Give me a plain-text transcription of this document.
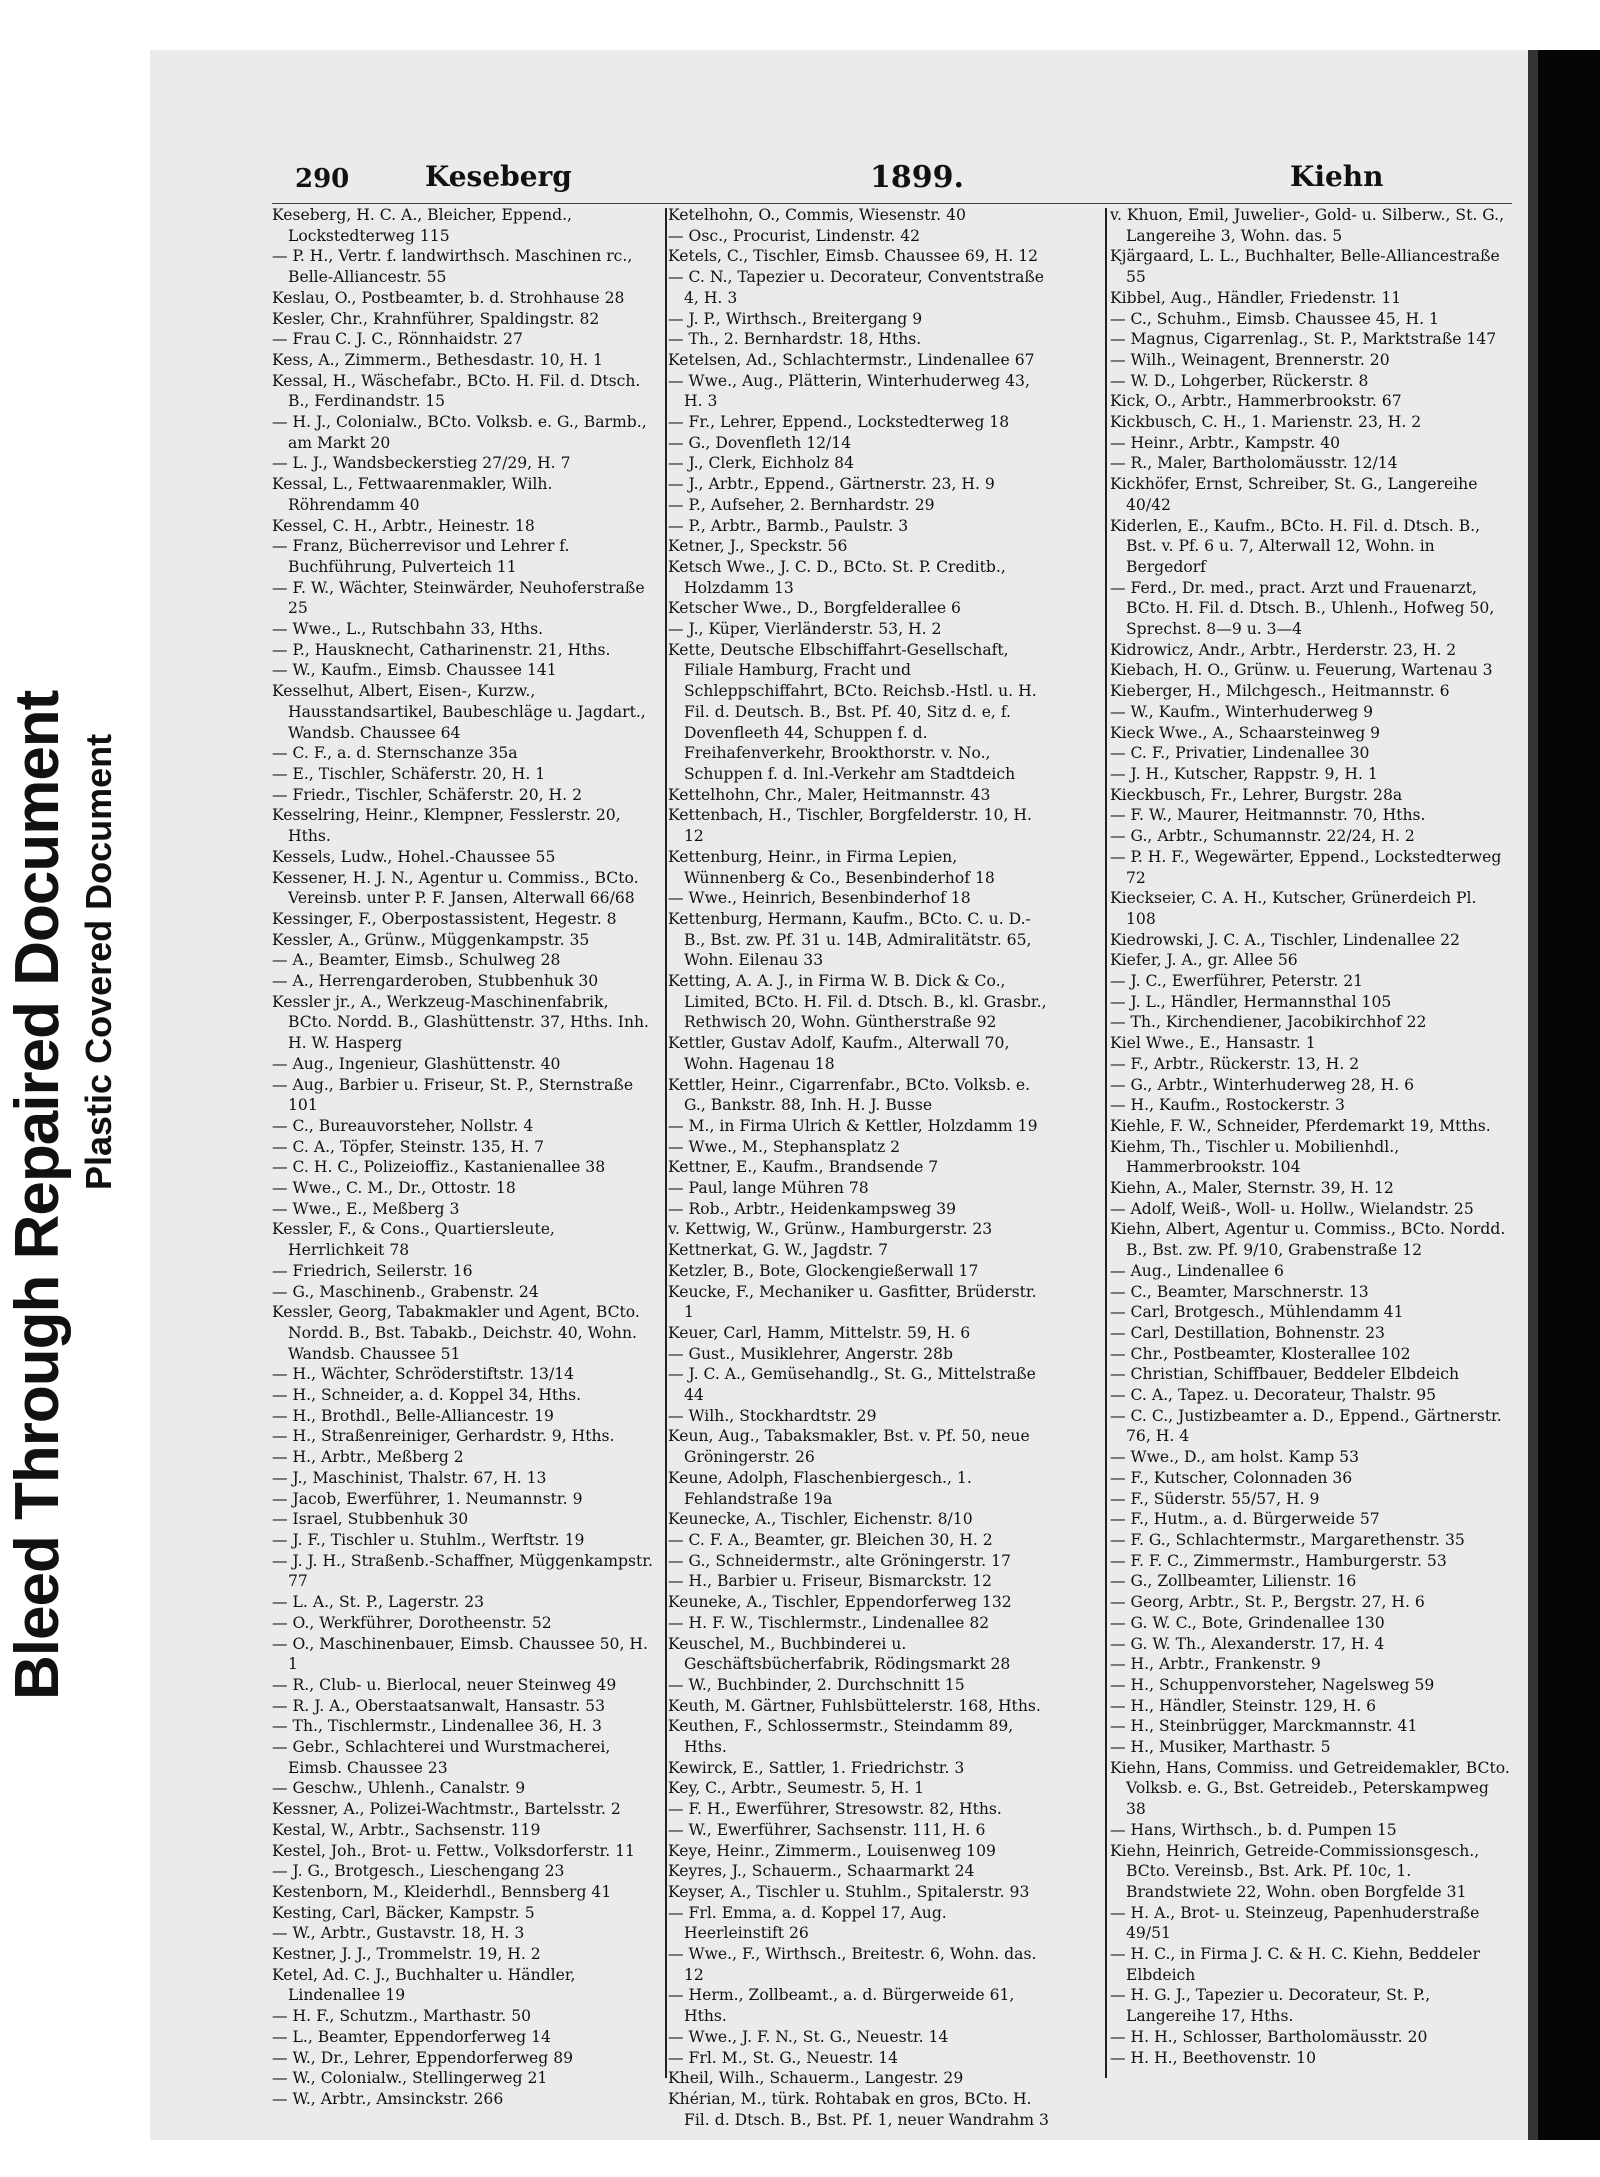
Bleed Through Repaired Document Plastic Covered Document
290	Keseberg	1899.	Kiehn

Keseberg, H. C. A., Bleicher, Eppend., Lockstedterweg 115

— P. H., Vertr. f. landwirthsch. Maschinen rc., Belle-Alliancestr. 55

Keslau, O., Postbeamter, b. d. Strohhause 28

Kesler, Chr., Krahnführer, Spaldingstr. 82

— Frau C. J. C., Rönnhaidstr. 27

Kess, A., Zimmerm., Bethesdastr. 10, H. 1

Kessal, H., Wäschefabr., BCto. H. Fil. d. Dtsch. B., Ferdinandstr. 15

— H. J., Colonialw., BCto. Volksb. e. G., Barmb., am Markt 20

— L. J., Wandsbeckerstieg 27/29, H. 7

Kessal, L., Fettwaarenmakler, Wilh. Röhrendamm 40

Kessel, C. H., Arbtr., Heinestr. 18

— Franz, Bücherrevisor und Lehrer f. Buchführung, Pulverteich 11

— F. W., Wächter, Steinwärder, Neuhoferstraße 25

— Wwe., L., Rutschbahn 33, Hths.

— P., Hausknecht, Catharinenstr. 21, Hths.

— W., Kaufm., Eimsb. Chaussee 141

Kesselhut, Albert, Eisen-, Kurzw., Hausstandsartikel, Baubeschläge u. Jagdart., Wandsb. Chaussee 64

— C. F., a. d. Sternschanze 35a

— E., Tischler, Schäferstr. 20, H. 1

— Friedr., Tischler, Schäferstr. 20, H. 2

Kesselring, Heinr., Klempner, Fesslerstr. 20, Hths.

Kessels, Ludw., Hohel.-Chaussee 55

Kessener, H. J. N., Agentur u. Commiss., BCto. Vereinsb. unter P. F. Jansen, Alterwall 66/68

Kessinger, F., Oberpostassistent, Hegestr. 8

Kessler, A., Grünw., Müggenkampstr. 35

— A., Beamter, Eimsb., Schulweg 28

— A., Herrengarderoben, Stubbenhuk 30

Kessler jr., A., Werkzeug-Maschinenfabrik, BCto. Nordd. B., Glashüttenstr. 37, Hths. Inh. H. W. Hasperg

— Aug., Ingenieur, Glashüttenstr. 40

— Aug., Barbier u. Friseur, St. P., Sternstraße 101

— C., Bureauvorsteher, Nollstr. 4

— C. A., Töpfer, Steinstr. 135, H. 7

— C. H. C., Polizeioffiz., Kastanienallee 38

— Wwe., C. M., Dr., Ottostr. 18

— Wwe., E., Meßberg 3

Kessler, F., & Cons., Quartiersleute, Herrlichkeit 78

— Friedrich, Seilerstr. 16

— G., Maschinenb., Grabenstr. 24

Kessler, Georg, Tabakmakler und Agent, BCto. Nordd. B., Bst. Tabakb., Deichstr. 40, Wohn. Wandsb. Chaussee 51

— H., Wächter, Schröderstiftstr. 13/14

— H., Schneider, a. d. Koppel 34, Hths.

— H., Brothdl., Belle-Alliancestr. 19

— H., Straßenreiniger, Gerhardstr. 9, Hths.

— H., Arbtr., Meßberg 2

— J., Maschinist, Thalstr. 67, H. 13

— Jacob, Ewerführer, 1. Neumannstr. 9

— Israel, Stubbenhuk 30

— J. F., Tischler u. Stuhlm., Werftstr. 19

— J. J. H., Straßenb.-Schaffner, Müggenkampstr. 77

— L. A., St. P., Lagerstr. 23

— O., Werkführer, Dorotheenstr. 52

— O., Maschinenbauer, Eimsb. Chaussee 50, H. 1

— R., Club- u. Bierlocal, neuer Steinweg 49

— R. J. A., Oberstaatsanwalt, Hansastr. 53

— Th., Tischlermstr., Lindenallee 36, H. 3

— Gebr., Schlachterei und Wurstmacherei, Eimsb. Chaussee 23

— Geschw., Uhlenh., Canalstr. 9

Kessner, A., Polizei-Wachtmstr., Bartelsstr. 2

Kestal, W., Arbtr., Sachsenstr. 119

Kestel, Joh., Brot- u. Fettw., Volksdorferstr. 11

— J. G., Brotgesch., Lieschengang 23

Kestenborn, M., Kleiderhdl., Bennsberg 41

Kesting, Carl, Bäcker, Kampstr. 5

— W., Arbtr., Gustavstr. 18, H. 3

Kestner, J. J., Trommelstr. 19, H. 2

Ketel, Ad. C. J., Buchhalter u. Händler, Lindenallee 19

— H. F., Schutzm., Marthastr. 50

— L., Beamter, Eppendorferweg 14

— W., Dr., Lehrer, Eppendorferweg 89

— W., Colonialw., Stellingerweg 21

— W., Arbtr., Amsinckstr. 266

Ketelhohn, O., Commis, Wiesenstr. 40

— Osc., Procurist, Lindenstr. 42

Ketels, C., Tischler, Eimsb. Chaussee 69, H. 12

— C. N., Tapezier u. Decorateur, Conventstraße 4, H. 3

— J. P., Wirthsch., Breitergang 9

— Th., 2. Bernhardstr. 18, Hths.

Ketelsen, Ad., Schlachtermstr., Lindenallee 67

— Wwe., Aug., Plätterin, Winterhuderweg 43, H. 3

— Fr., Lehrer, Eppend., Lockstedterweg 18

— G., Dovenfleth 12/14

— J., Clerk, Eichholz 84

— J., Arbtr., Eppend., Gärtnerstr. 23, H. 9

— P., Aufseher, 2. Bernhardstr. 29

— P., Arbtr., Barmb., Paulstr. 3

Ketner, J., Speckstr. 56

Ketsch Wwe., J. C. D., BCto. St. P. Creditb., Holzdamm 13

Ketscher Wwe., D., Borgfelderallee 6

— J., Küper, Vierländerstr. 53, H. 2

Kette, Deutsche Elbschiffahrt-Gesellschaft, Filiale Hamburg, Fracht und Schleppschiffahrt, BCto. Reichsb.-Hstl. u. H. Fil. d. Deutsch. B., Bst. Pf. 40, Sitz d. e, f. Dovenfleeth 44, Schuppen f. d. Freihafenverkehr, Brookthorstr. v. No., Schuppen f. d. Inl.-Verkehr am Stadtdeich

Kettelhohn, Chr., Maler, Heitmannstr. 43

Kettenbach, H., Tischler, Borgfelderstr. 10, H. 12

Kettenburg, Heinr., in Firma Lepien, Wünnenberg & Co., Besenbinderhof 18

— Wwe., Heinrich, Besenbinderhof 18

Kettenburg, Hermann, Kaufm., BCto. C. u. D.-B., Bst. zw. Pf. 31 u. 14B, Admiralitätstr. 65, Wohn. Eilenau 33

Ketting, A. A. J., in Firma W. B. Dick & Co., Limited, BCto. H. Fil. d. Dtsch. B., kl. Grasbr., Rethwisch 20, Wohn. Güntherstraße 92

Kettler, Gustav Adolf, Kaufm., Alterwall 70, Wohn. Hagenau 18

Kettler, Heinr., Cigarrenfabr., BCto. Volksb. e. G., Bankstr. 88, Inh. H. J. Busse

— M., in Firma Ulrich & Kettler, Holzdamm 19

— Wwe., M., Stephansplatz 2

Kettner, E., Kaufm., Brandsende 7

— Paul, lange Mühren 78

— Rob., Arbtr., Heidenkampsweg 39

v. Kettwig, W., Grünw., Hamburgerstr. 23

Kettnerkat, G. W., Jagdstr. 7

Ketzler, B., Bote, Glockengießerwall 17

Keucke, F., Mechaniker u. Gasfitter, Brüderstr. 1

Keuer, Carl, Hamm, Mittelstr. 59, H. 6

— Gust., Musiklehrer, Angerstr. 28b

— J. C. A., Gemüsehandlg., St. G., Mittelstraße 44

— Wilh., Stockhardtstr. 29

Keun, Aug., Tabaksmakler, Bst. v. Pf. 50, neue Gröningerstr. 26

Keune, Adolph, Flaschenbiergesch., 1. Fehlandstraße 19a

Keunecke, A., Tischler, Eichenstr. 8/10

— C. F. A., Beamter, gr. Bleichen 30, H. 2

— G., Schneidermstr., alte Gröningerstr. 17

— H., Barbier u. Friseur, Bismarckstr. 12

Keuneke, A., Tischler, Eppendorferweg 132

— H. F. W., Tischlermstr., Lindenallee 82

Keuschel, M., Buchbinderei u. Geschäftsbücherfabrik, Rödingsmarkt 28

— W., Buchbinder, 2. Durchschnitt 15

Keuth, M. Gärtner, Fuhlsbüttelerstr. 168, Hths.

Keuthen, F., Schlossermstr., Steindamm 89, Hths.

Kewirck, E., Sattler, 1. Friedrichstr. 3

Key, C., Arbtr., Seumestr. 5, H. 1

— F. H., Ewerführer, Stresowstr. 82, Hths.

— W., Ewerführer, Sachsenstr. 111, H. 6

Keye, Heinr., Zimmerm., Louisenweg 109

Keyres, J., Schauerm., Schaarmarkt 24

Keyser, A., Tischler u. Stuhlm., Spitalerstr. 93

— Frl. Emma, a. d. Koppel 17, Aug. Heerleinstift 26

— Wwe., F., Wirthsch., Breitestr. 6, Wohn. das. 12

— Herm., Zollbeamt., a. d. Bürgerweide 61, Hths.

— Wwe., J. F. N., St. G., Neuestr. 14

— Frl. M., St. G., Neuestr. 14

Kheil, Wilh., Schauerm., Langestr. 29

Khérian, M., türk. Rohtabak en gros, BCto. H. Fil. d. Dtsch. B., Bst. Pf. 1, neuer Wandrahm 3

v. Khuon, Emil, Juwelier-, Gold- u. Silberw., St. G., Langereihe 3, Wohn. das. 5

Kjärgaard, L. L., Buchhalter, Belle-Alliancestraße 55

Kibbel, Aug., Händler, Friedenstr. 11

— C., Schuhm., Eimsb. Chaussee 45, H. 1

— Magnus, Cigarrenlag., St. P., Marktstraße 147

— Wilh., Weinagent, Brennerstr. 20

— W. D., Lohgerber, Rückerstr. 8

Kick, O., Arbtr., Hammerbrookstr. 67

Kickbusch, C. H., 1. Marienstr. 23, H. 2

— Heinr., Arbtr., Kampstr. 40

— R., Maler, Bartholomäusstr. 12/14

Kickhöfer, Ernst, Schreiber, St. G., Langereihe 40/42

Kiderlen, E., Kaufm., BCto. H. Fil. d. Dtsch. B., Bst. v. Pf. 6 u. 7, Alterwall 12, Wohn. in Bergedorf

— Ferd., Dr. med., pract. Arzt und Frauenarzt, BCto. H. Fil. d. Dtsch. B., Uhlenh., Hofweg 50, Sprechst. 8—9 u. 3—4

Kidrowicz, Andr., Arbtr., Herderstr. 23, H. 2

Kiebach, H. O., Grünw. u. Feuerung, Wartenau 3

Kieberger, H., Milchgesch., Heitmannstr. 6

— W., Kaufm., Winterhuderweg 9

Kieck Wwe., A., Schaarsteinweg 9

— C. F., Privatier, Lindenallee 30

— J. H., Kutscher, Rappstr. 9, H. 1

Kieckbusch, Fr., Lehrer, Burgstr. 28a

— F. W., Maurer, Heitmannstr. 70, Hths.

— G., Arbtr., Schumannstr. 22/24, H. 2

— P. H. F., Wegewärter, Eppend., Lockstedterweg 72

Kieckseier, C. A. H., Kutscher, Grünerdeich Pl. 108

Kiedrowski, J. C. A., Tischler, Lindenallee 22

Kiefer, J. A., gr. Allee 56

— J. C., Ewerführer, Peterstr. 21

— J. L., Händler, Hermannsthal 105

— Th., Kirchendiener, Jacobikirchhof 22

Kiel Wwe., E., Hansastr. 1

— F., Arbtr., Rückerstr. 13, H. 2

— G., Arbtr., Winterhuderweg 28, H. 6

— H., Kaufm., Rostockerstr. 3

Kiehle, F. W., Schneider, Pferdemarkt 19, Mtths.

Kiehm, Th., Tischler u. Mobilienhdl., Hammerbrookstr. 104

Kiehn, A., Maler, Sternstr. 39, H. 12

— Adolf, Weiß-, Woll- u. Hollw., Wielandstr. 25

Kiehn, Albert, Agentur u. Commiss., BCto. Nordd. B., Bst. zw. Pf. 9/10, Grabenstraße 12

— Aug., Lindenallee 6

— C., Beamter, Marschnerstr. 13

— Carl, Brotgesch., Mühlendamm 41

— Carl, Destillation, Bohnenstr. 23

— Chr., Postbeamter, Klosterallee 102

— Christian, Schiffbauer, Beddeler Elbdeich

— C. A., Tapez. u. Decorateur, Thalstr. 95

— C. C., Justizbeamter a. D., Eppend., Gärtnerstr. 76, H. 4

— Wwe., D., am holst. Kamp 53

— F., Kutscher, Colonnaden 36

— F., Süderstr. 55/57, H. 9

— F., Hutm., a. d. Bürgerweide 57

— F. G., Schlachtermstr., Margarethenstr. 35

— F. F. C., Zimmermstr., Hamburgerstr. 53

— G., Zollbeamter, Lilienstr. 16

— Georg, Arbtr., St. P., Bergstr. 27, H. 6

— G. W. C., Bote, Grindenallee 130

— G. W. Th., Alexanderstr. 17, H. 4

— H., Arbtr., Frankenstr. 9

— H., Schuppenvorsteher, Nagelsweg 59

— H., Händler, Steinstr. 129, H. 6

— H., Steinbrügger, Marckmannstr. 41

— H., Musiker, Marthastr. 5

Kiehn, Hans, Commiss. und Getreidemakler, BCto. Volksb. e. G., Bst. Getreideb., Peterskampweg 38

— Hans, Wirthsch., b. d. Pumpen 15

Kiehn, Heinrich, Getreide-Commissionsgesch., BCto. Vereinsb., Bst. Ark. Pf. 10c, 1. Brandstwiete 22, Wohn. oben Borgfelde 31

— H. A., Brot- u. Steinzeug, Papenhuderstraße 49/51

— H. C., in Firma J. C. & H. C. Kiehn, Beddeler Elbdeich

— H. G. J., Tapezier u. Decorateur, St. P., Langereihe 17, Hths.

— H. H., Schlosser, Bartholomäusstr. 20

— H. H., Beethovenstr. 10
